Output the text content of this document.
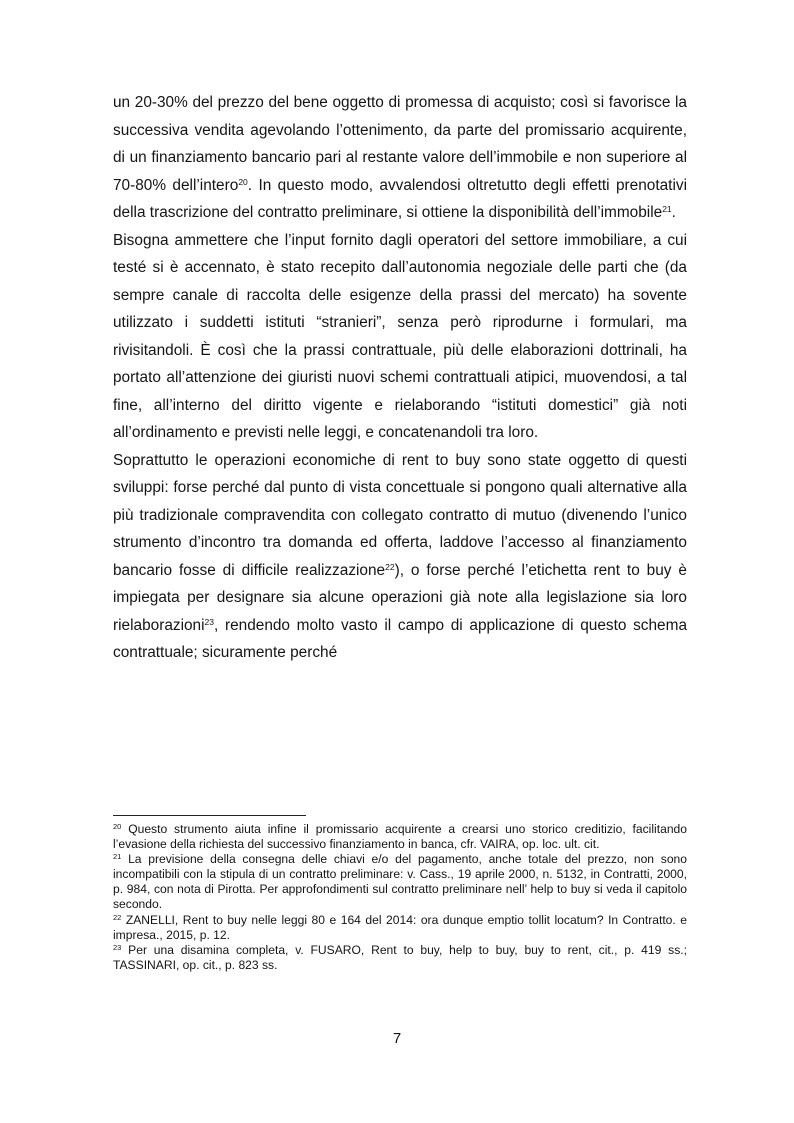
un 20-30% del prezzo del bene oggetto di promessa di acquisto; così si favorisce la successiva vendita agevolando l’ottenimento, da parte del promissario acquirente, di un finanziamento bancario pari al restante valore dell’immobile e non superiore al 70-80% dell’intero$^{20}$. In questo modo, avvalendosi oltretutto degli effetti prenotativi della trascrizione del contratto preliminare, si ottiene la disponibilità dell’immobile$^{21}$.

Bisogna ammettere che l’input fornito dagli operatori del settore immobiliare, a cui testé si è accennato, è stato recepito dall’autonomia negoziale delle parti che (da sempre canale di raccolta delle esigenze della prassi del mercato) ha sovente utilizzato i suddetti istituti “stranieri”, senza però riprodurne i formulari, ma rivisitandoli. È così che la prassi contrattuale, più delle elaborazioni dottrinali, ha portato all’attenzione dei giuristi nuovi schemi contrattuali atipici, muovendosi, a tal fine, all’interno del diritto vigente e rielaborando “istituti domestici” già noti all’ordinamento e previsti nelle leggi, e concatenandoli tra loro.

Soprattutto le operazioni economiche di rent to buy sono state oggetto di questi sviluppi: forse perché dal punto di vista concettuale si pongono quali alternative alla più tradizionale compravendita con collegato contratto di mutuo (divenendo l’unico strumento d’incontro tra domanda ed offerta, laddove l’accesso al finanziamento bancario fosse di difficile realizzazione$^{22}$), o forse perché l’etichetta rent to buy è impiegata per designare sia alcune operazioni già note alla legislazione sia loro rielaborazioni$^{23}$, rendendo molto vasto il campo di applicazione di questo schema contrattuale; sicuramente perché

$^{20}$ Questo strumento aiuta infine il promissario acquirente a crearsi uno storico creditizio, facilitando l’evasione della richiesta del successivo finanziamento in banca, cfr. VAIRA, op. loc. ult. cit.

$^{21}$ La previsione della consegna delle chiavi e/o del pagamento, anche totale del prezzo, non sono incompatibili con la stipula di un contratto preliminare: v. Cass., 19 aprile 2000, n. 5132, in Contratti, 2000, p. 984, con nota di Pirotta. Per approfondimenti sul contratto preliminare nell’ help to buy si veda il capitolo secondo.

$^{22}$ ZANELLI, Rent to buy nelle leggi 80 e 164 del 2014: ora dunque emptio tollit locatum? In Contratto. e impresa., 2015, p. 12.

$^{23}$ Per una disamina completa, v. FUSARO, Rent to buy, help to buy, buy to rent, cit., p. 419 ss.; TASSINARI, op. cit., p. 823 ss.

7
